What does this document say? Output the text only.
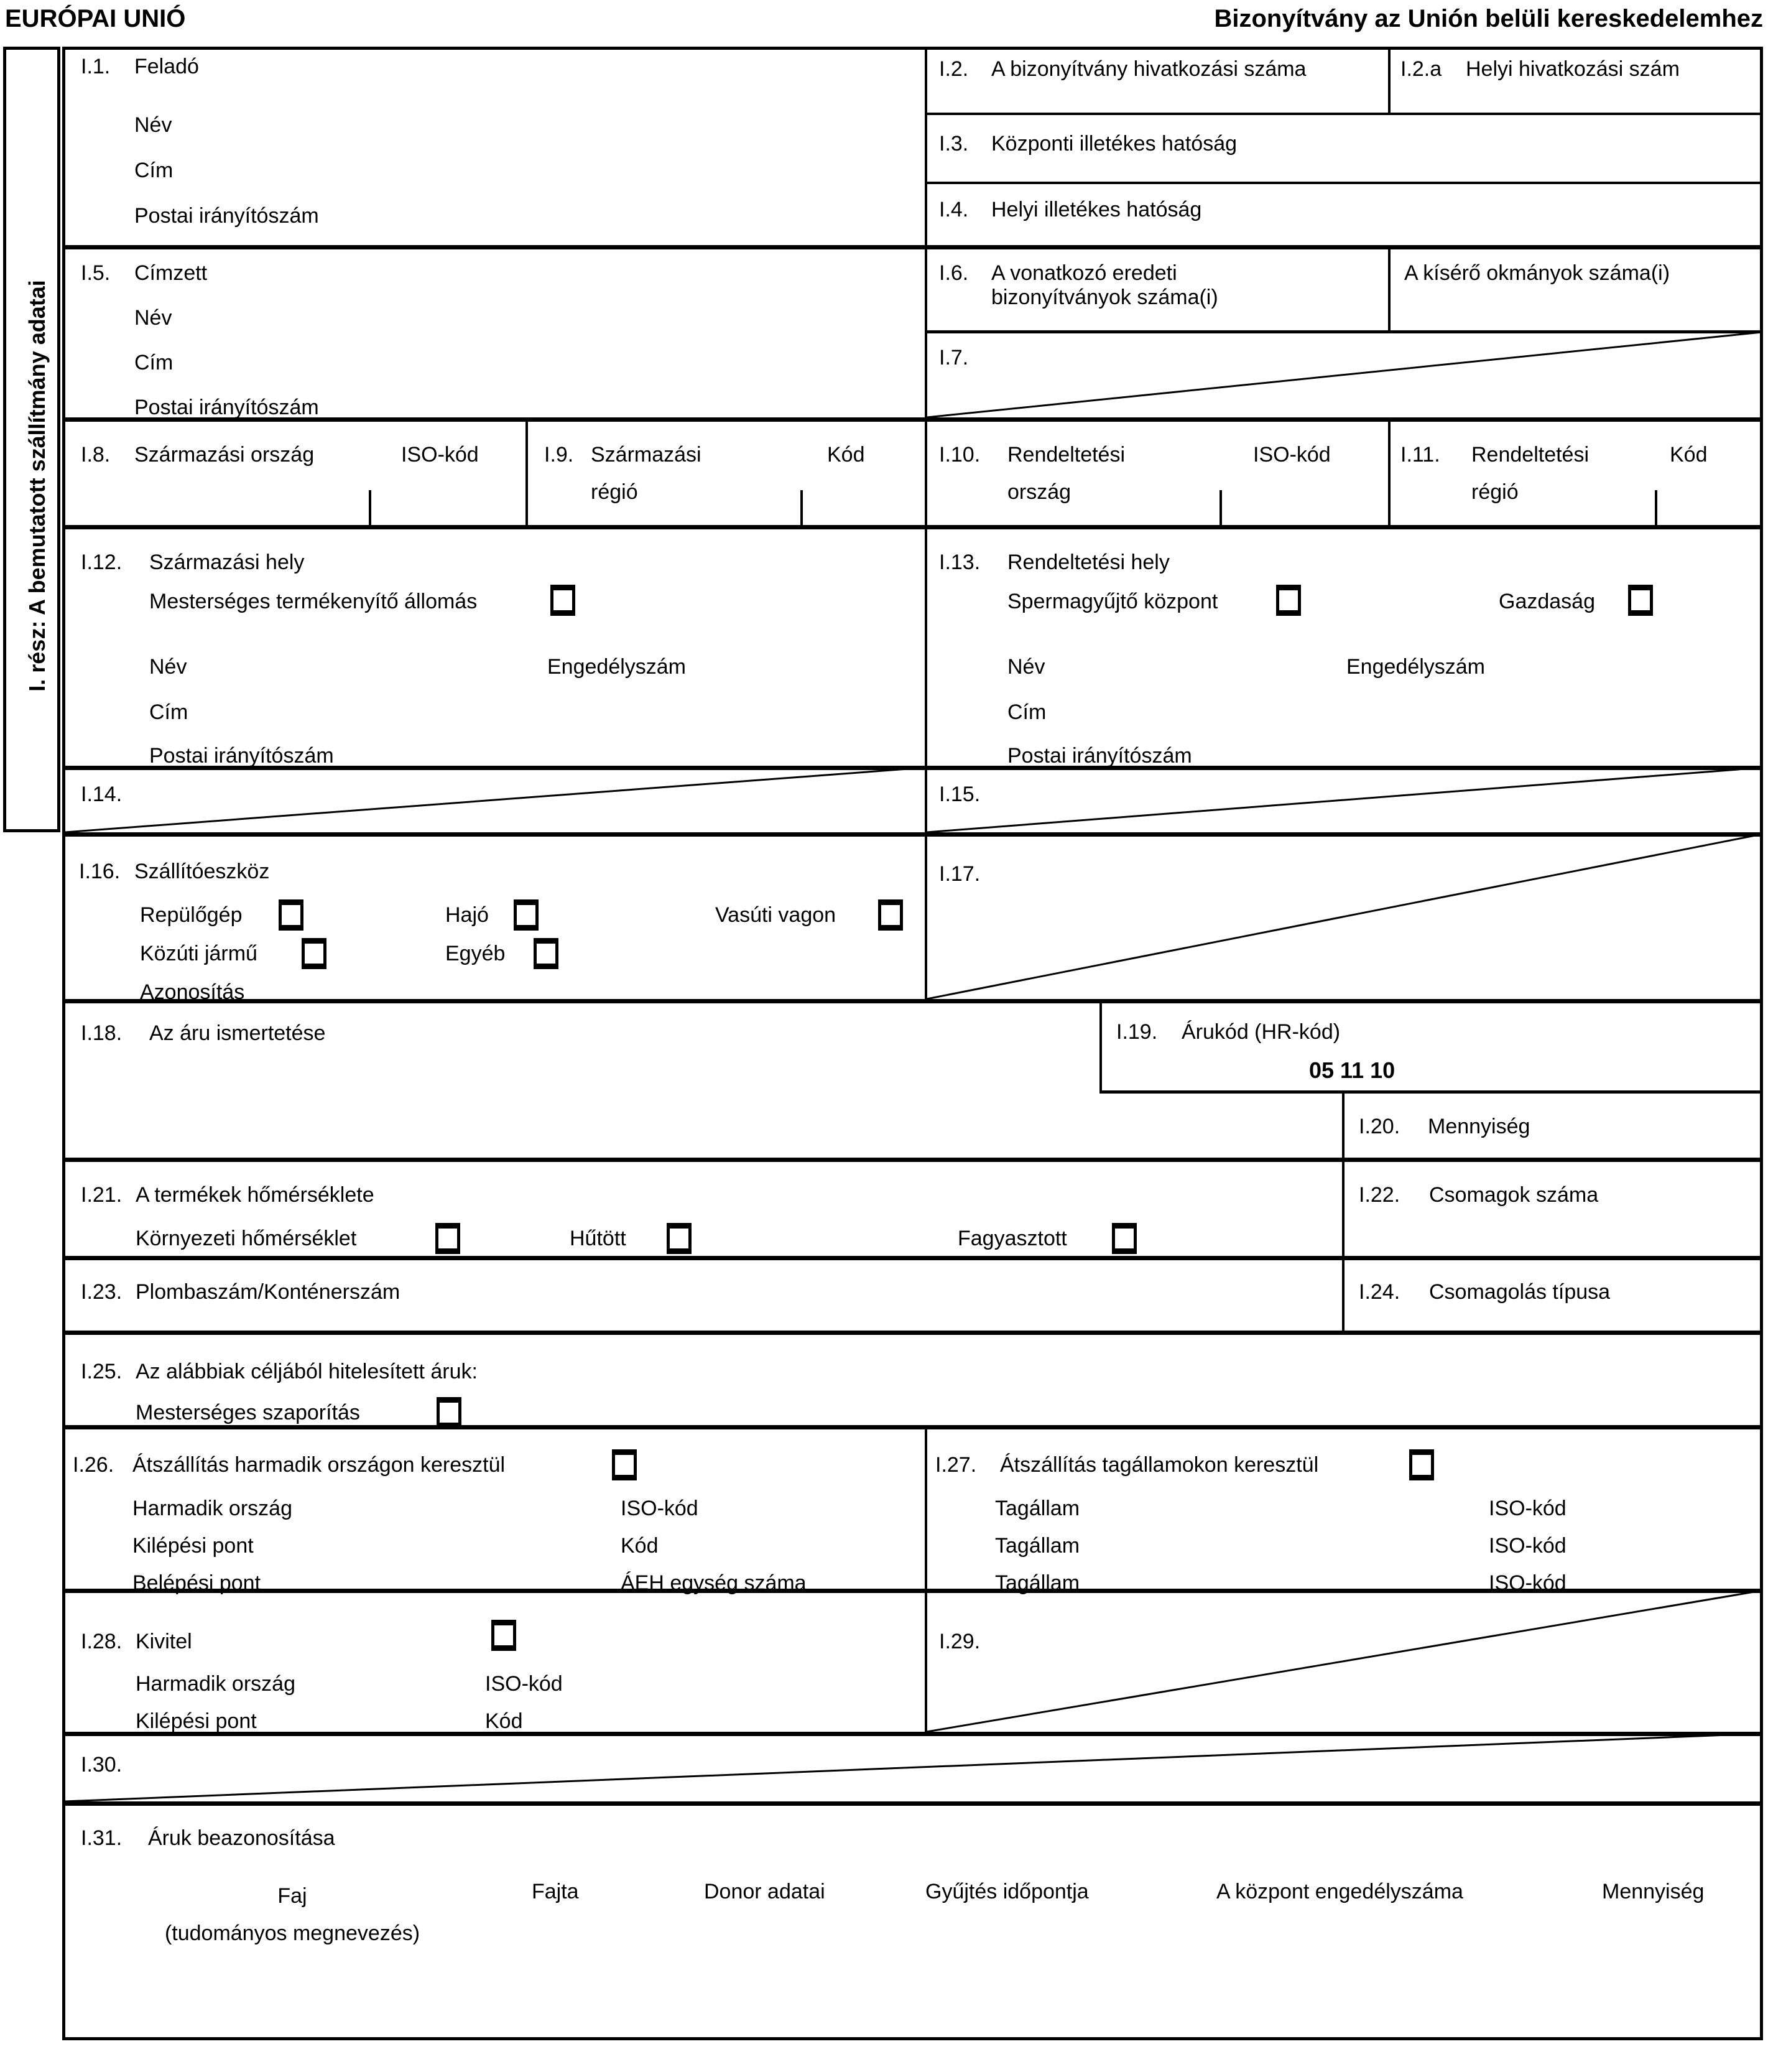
EURÓPAI UNIÓ	Bizonyítvány az Unión belüli kereskedelemhez
I. rész: A bemutatott szállítmány adatai
I.1. Feladó
Név
Cím
Postai irányítószám
I.2. A bizonyítvány hivatkozási száma	I.2.a Helyi hivatkozási szám
I.3. Központi illetékes hatóság
I.4. Helyi illetékes hatóság
I.5. Címzett
Név
Cím
Postai irányítószám
I.6. A vonatkozó eredeti bizonyítványok száma(i)
A kísérő okmányok száma(i)
I.7.
I.8. Származási ország	ISO-kód	I.9. Származási
régió
Kód	I.10. Rendeltetési
ország
ISO-kód	I.11. Rendeltetési
régió
Kód
I.12. Származási hely
Mesterséges termékenyítő állomás
Név	Engedélyszám
Cím
Postai irányítószám
I.13. Rendeltetési hely
Spermagyűjtő központ	Gazdaság
Név	Engedélyszám
Cím
Postai irányítószám
I.14.	I.15.
I.16. Szállítóeszköz
Repülőgép	Hajó	Vasúti vagon
Közúti jármű	Egyéb
Azonosítás
I.17.
I.18. Az áru ismertetése	I.19. Árukód (HR-kód)
05 11 10
I.20. Mennyiség
I.21. A termékek hőmérséklete
Környezeti hőmérséklet	Hűtött	Fagyasztott
I.22. Csomagok száma
I.23. Plombaszám/Konténerszám	I.24. Csomagolás típusa
I.25. Az alábbiak céljából hitelesített áruk:
Mesterséges szaporítás
I.26. Átszállítás harmadik országon keresztül
Harmadik ország	ISO-kód
Kilépési pont	Kód
Belépési pont	ÁEH egység száma
I.27. Átszállítás tagállamokon keresztül
Tagállam	ISO-kód
Tagállam	ISO-kód
Tagállam	ISO-kód
I.28. Kivitel
Harmadik ország	ISO-kód
Kilépési pont	Kód
I.29.
I.30.
I.31. Áruk beazonosítása
Faj
(tudományos megnevezés)
Fajta	Donor adatai	Gyűjtés időpontja	A központ engedélyszáma	Mennyiség
